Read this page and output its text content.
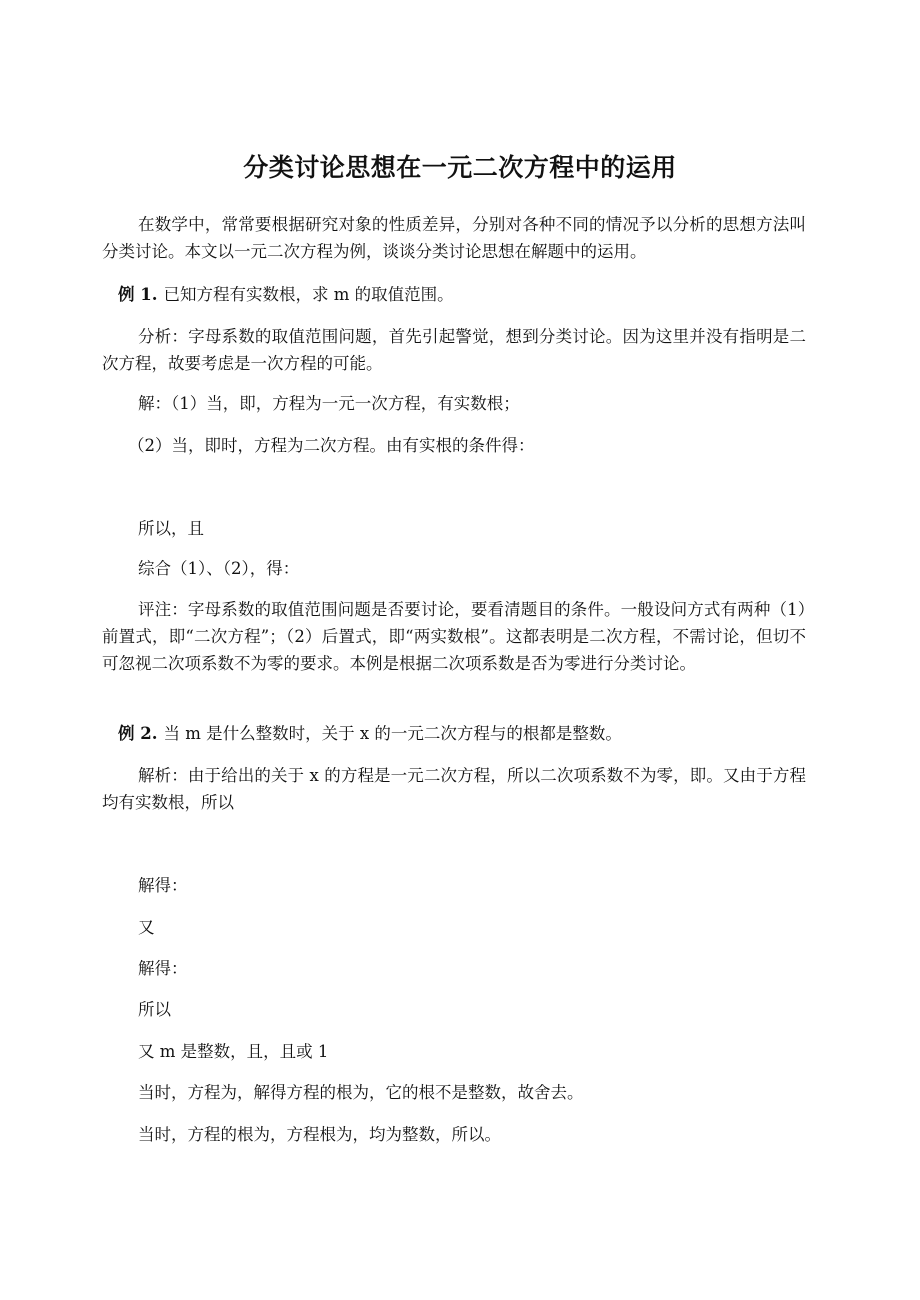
分类讨论思想在一元二次方程中的运用
在数学中，常常要根据研究对象的性质差异，分别对各种不同的情况予以分析的思想方法叫分类讨论。本文以一元二次方程为例，谈谈分类讨论思想在解题中的运用。
例 1. 已知方程有实数根，求 m 的取值范围。
分析：字母系数的取值范围问题，首先引起警觉，想到分类讨论。因为这里并没有指明是二次方程，故要考虑是一次方程的可能。
解：（1）当，即，方程为一元一次方程，有实数根；
（2）当，即时，方程为二次方程。由有实根的条件得：
所以，且
综合（1）、（2），得：
评注：字母系数的取值范围问题是否要讨论，要看清题目的条件。一般设问方式有两种（1）前置式，即“二次方程”；（2）后置式，即“两实数根”。这都表明是二次方程，不需讨论，但切不可忽视二次项系数不为零的要求。本例是根据二次项系数是否为零进行分类讨论。
例 2. 当 m 是什么整数时，关于 x 的一元二次方程与的根都是整数。
解析：由于给出的关于 x 的方程是一元二次方程，所以二次项系数不为零，即。又由于方程均有实数根，所以
解得：
又
解得：
所以
又 m 是整数，且，且或 1
当时，方程为，解得方程的根为，它的根不是整数，故舍去。
当时，方程的根为，方程根为，均为整数，所以。
